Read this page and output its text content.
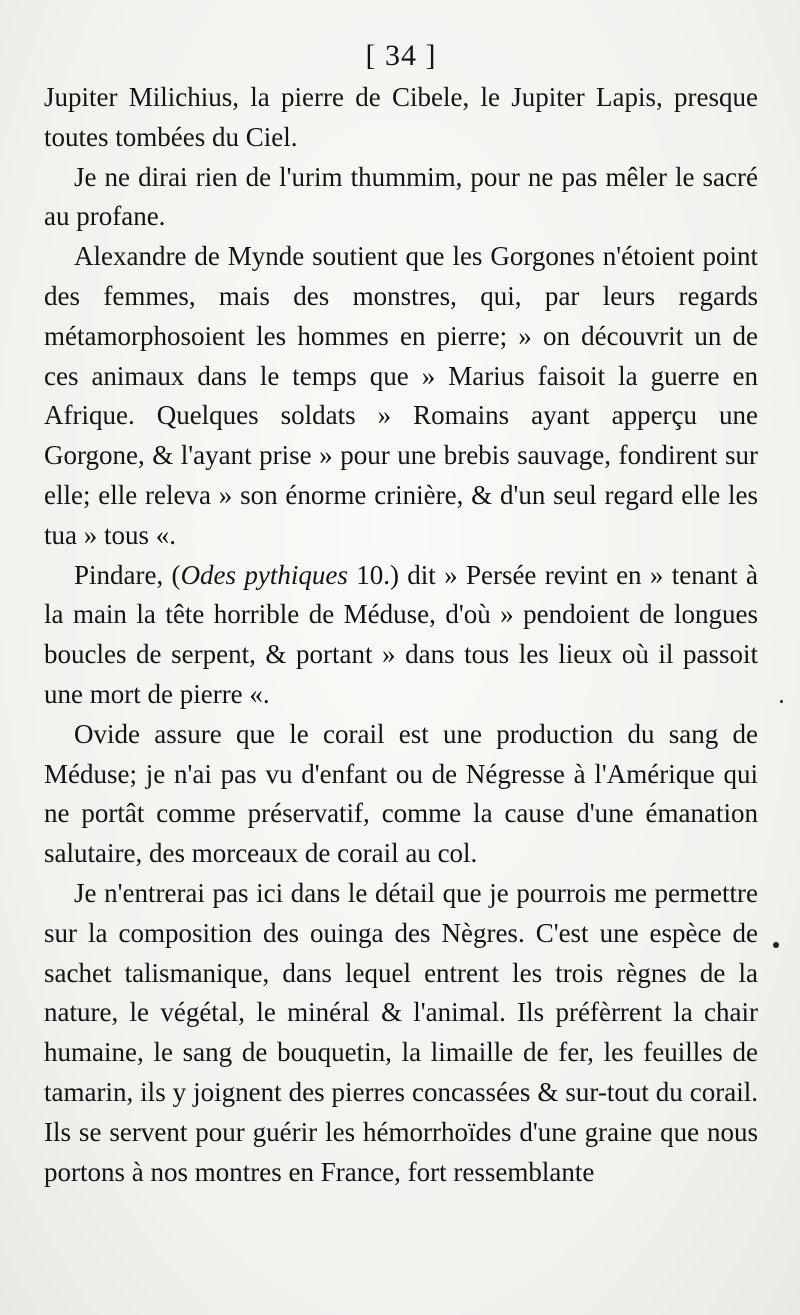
[ 34 ]

Jupiter Milichius, la pierre de Cibele, le Jupiter Lapis, presque toutes tombées du Ciel.

Je ne dirai rien de l'urim thummim, pour ne pas mêler le sacré au profane.

Alexandre de Mynde soutient que les Gorgones n'étoient point des femmes, mais des monstres, qui, par leurs regards métamorphosoient les hommes en pierre; » on découvrit un de ces animaux dans le temps que » Marius faisoit la guerre en Afrique. Quelques soldats » Romains ayant apperçu une Gorgone, & l'ayant prise » pour une brebis sauvage, fondirent sur elle; elle releva » son énorme crinière, & d'un seul regard elle les tua » tous «.

Pindare, (Odes pythiques 10.) dit » Persée revint en » tenant à la main la tête horrible de Méduse, d'où » pendoient de longues boucles de serpent, & portant » dans tous les lieux où il passoit une mort de pierre «.

Ovide assure que le corail est une production du sang de Méduse; je n'ai pas vu d'enfant ou de Négresse à l'Amérique qui ne portât comme préservatif, comme la cause d'une émanation salutaire, des morceaux de corail au col.

Je n'entrerai pas ici dans le détail que je pourrois me permettre sur la composition des ouinga des Nègres. C'est une espèce de sachet talismanique, dans lequel entrent les trois règnes de la nature, le végétal, le minéral & l'animal. Ils préfèrrent la chair humaine, le sang de bouquetin, la limaille de fer, les feuilles de tamarin, ils y joignent des pierres concassées & sur-tout du corail. Ils se servent pour guérir les hémorrhoïdes d'une graine que nous portons à nos montres en France, fort ressemblante
